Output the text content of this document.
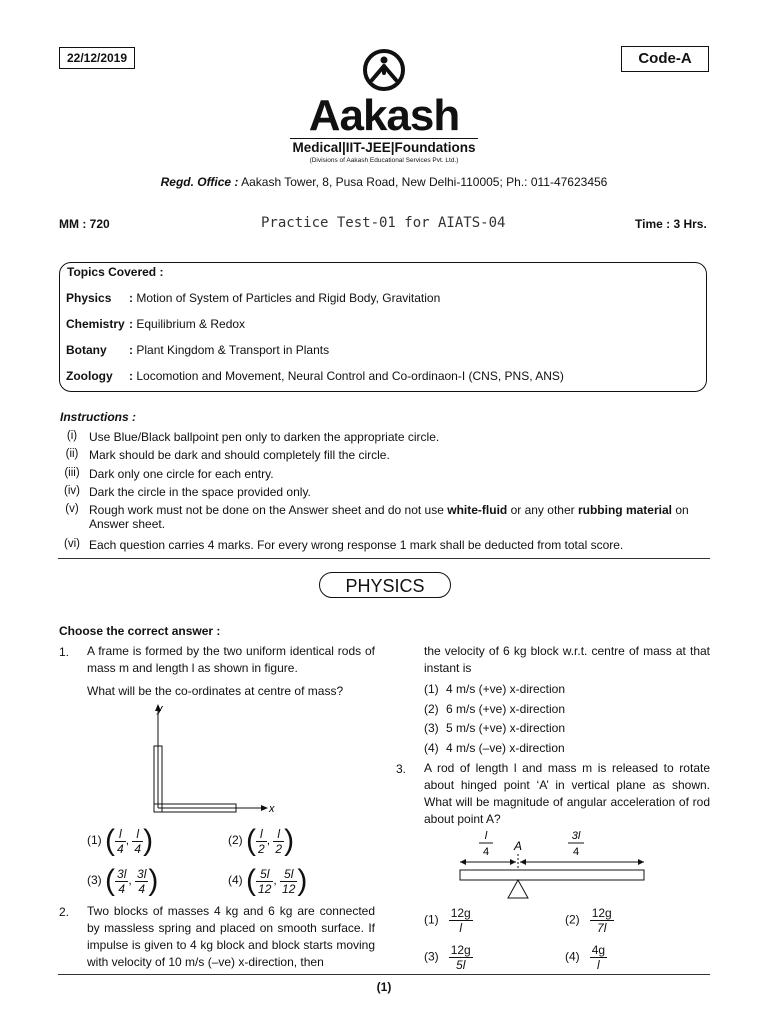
22/12/2019	Code-A
Aakash
Medical|IIT-JEE|Foundations
(Divisions of Aakash Educational Services Pvt. Ltd.)
Regd. Office : Aakash Tower, 8, Pusa Road, New Delhi-110005; Ph.: 011-47623456
MM : 720	Practice Test-01 for AIATS-04	Time : 3 Hrs.
Topics Covered :
Physics	: Motion of System of Particles and Rigid Body, Gravitation
Chemistry : Equilibrium & Redox
Botany	: Plant Kingdom & Transport in Plants
Zoology	: Locomotion and Movement, Neural Control and Co-ordinaon-I (CNS, PNS, ANS)
Instructions :
(i) Use Blue/Black ballpoint pen only to darken the appropriate circle.
(ii) Mark should be dark and should completely fill the circle.
(iii) Dark only one circle for each entry.
(iv) Dark the circle in the space provided only.
(v) Rough work must not be done on the Answer sheet and do not use white-fluid or any other rubbing material on Answer sheet.
(vi) Each question carries 4 marks. For every wrong response 1 mark shall be deducted from total score.
PHYSICS
Choose the correct answer :
1. A frame is formed by the two uniform identical rods of mass m and length l as shown in figure.
What will be the co-ordinates at centre of mass?
y
x
(1) ( $\frac{l}{4}$ , $\frac{l}{4}$ )	(2) ( $\frac{l}{2}$ , $\frac{l}{2}$ )
(3) ( $\frac{3l}{4}$ , $\frac{3l}{4}$ )	(4) ( $\frac{5l}{12}$ , $\frac{5l}{12}$ )
2. Two blocks of masses 4 kg and 6 kg are connected by massless spring and placed on smooth surface. If impulse is given to 4 kg block and block starts moving with velocity of 10 m/s (–ve) x-direction, then
the velocity of 6 kg block w.r.t. centre of mass at that instant is
(1) 4 m/s (+ve) x-direction
(2) 6 m/s (+ve) x-direction
(3) 5 m/s (+ve) x-direction
(4) 4 m/s (–ve) x-direction
3. A rod of length l and mass m is released to rotate about hinged point ‘A’ in vertical plane as shown. What will be magnitude of angular acceleration of rod about point A?
l
4
3l
4
A
$(1) \frac{12g}{l}$	$(2) \frac{12g}{7l}$
$(3) \frac{12g}{5l}$	$(4) \frac{4g}{l}$
(1)
